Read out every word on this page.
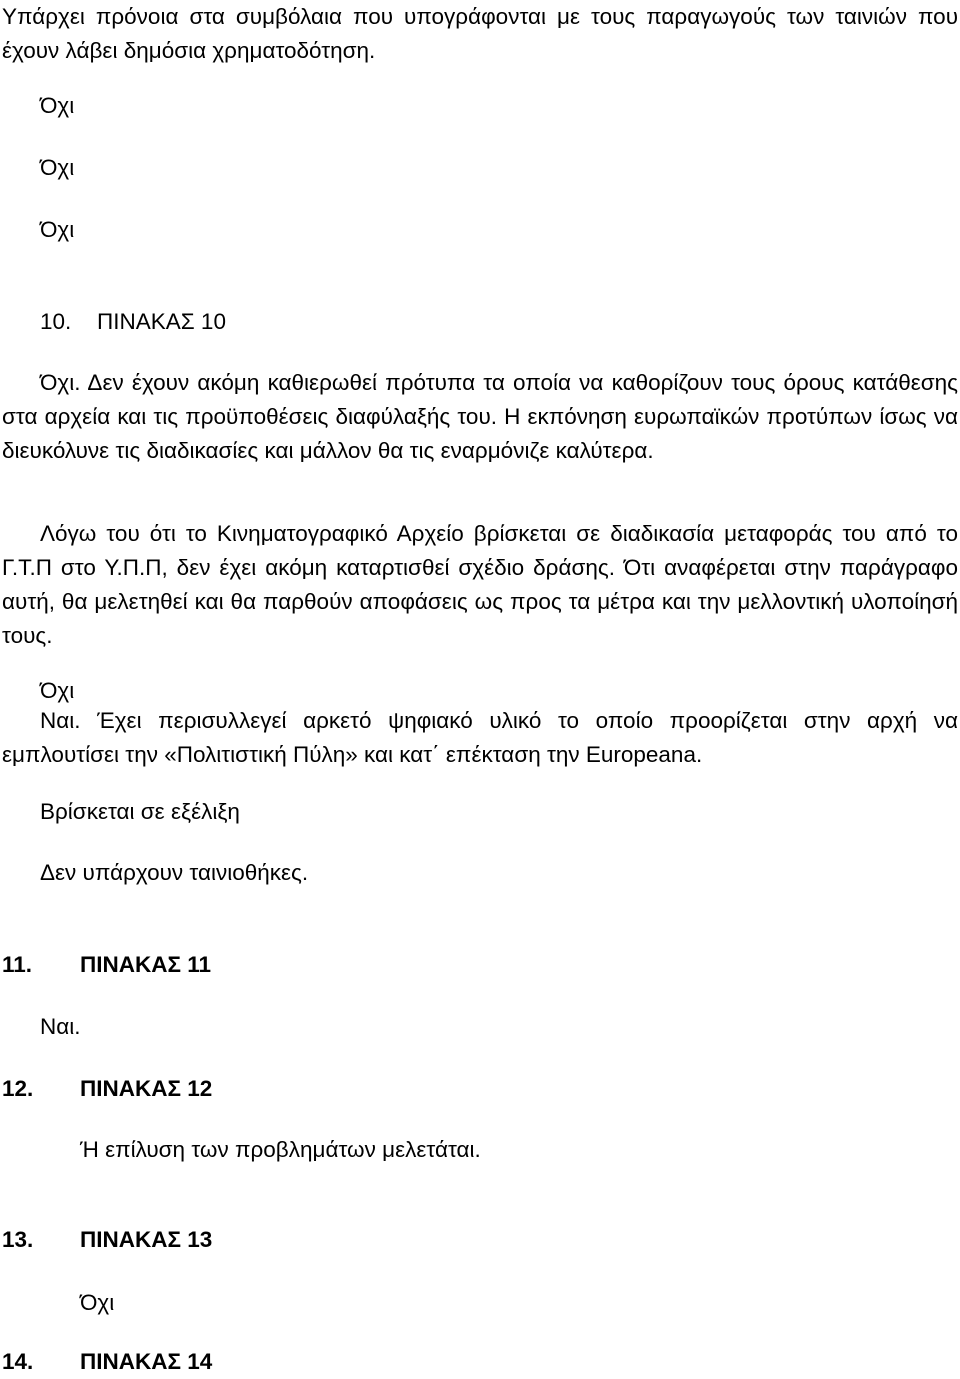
Υπάρχει πρόνοια στα συμβόλαια που υπογράφονται με τους παραγωγούς των ταινιών που έχουν λάβει δημόσια χρηματοδότηση.

Όχι
Όχι
Όχι
10. ΠΙΝΑΚΑΣ 10

Όχι. Δεν έχουν ακόμη καθιερωθεί πρότυπα τα οποία να καθορίζουν τους όρους κατάθεσης στα αρχεία και τις προϋποθέσεις διαφύλαξής του. Η εκπόνηση ευρωπαϊκών προτύπων ίσως να διευκόλυνε τις διαδικασίες και μάλλον θα τις εναρμόνιζε καλύτερα.

Λόγω του ότι το Κινηματογραφικό Αρχείο βρίσκεται σε διαδικασία μεταφοράς του από το Γ.Τ.Π στο Υ.Π.Π, δεν έχει ακόμη καταρτισθεί σχέδιο δράσης. Ότι αναφέρεται στην παράγραφο αυτή, θα μελετηθεί και θα παρθούν αποφάσεις ως προς τα μέτρα και την μελλοντική υλοποίησή τους.

Όχι

Ναι. Έχει περισυλλεγεί αρκετό ψηφιακό υλικό το οποίο προορίζεται στην αρχή να εμπλουτίσει την «Πολιτιστική Πύλη» και κατ΄ επέκταση την Europeana.

Βρίσκεται σε εξέλιξη
Δεν υπάρχουν ταινιοθήκες.
11. ΠΙΝΑΚΑΣ 11
Ναι.
12. ΠΙΝΑΚΑΣ 12
Ή επίλυση των προβλημάτων μελετάται.
13. ΠΙΝΑΚΑΣ 13
Όχι
14. ΠΙΝΑΚΑΣ 14
